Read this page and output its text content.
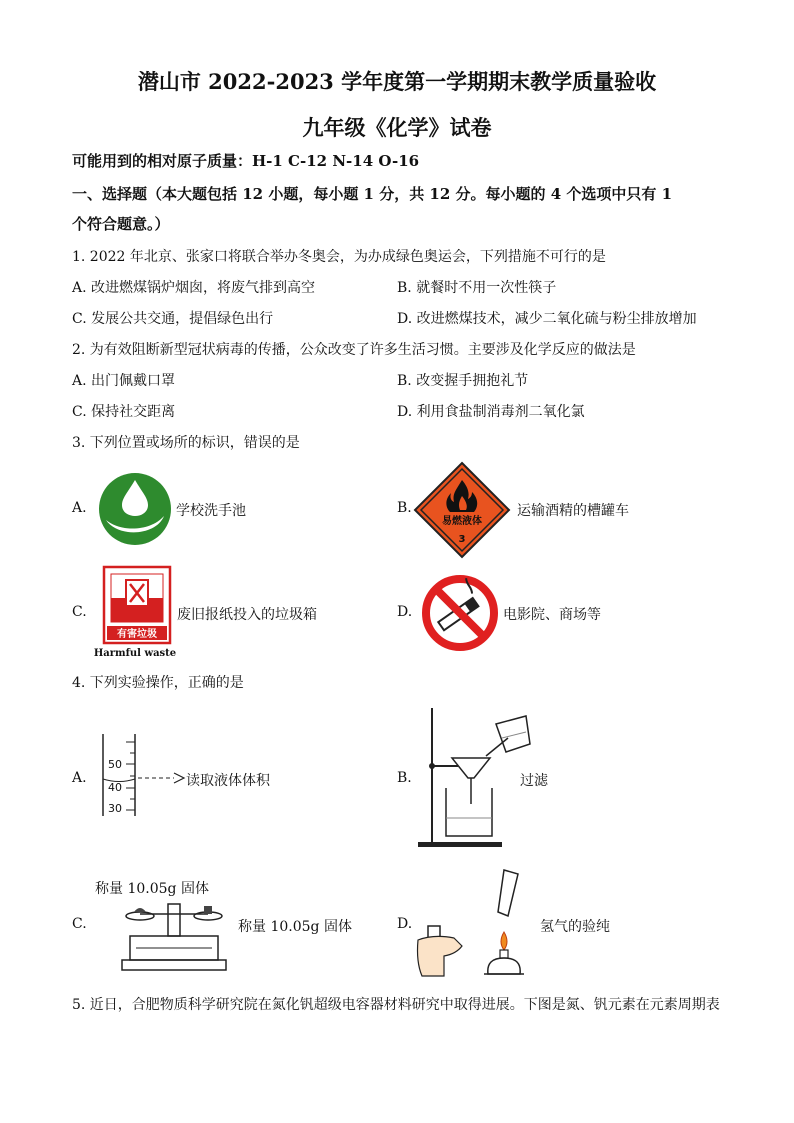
潜山市 2022-2023 学年度第一学期期末教学质量验收
九年级《化学》试卷
可能用到的相对原子质量：H-1 C-12 N-14 O-16
一、选择题（本大题包括 12 小题，每小题 1 分，共 12 分。每小题的 4 个选项中只有 1
个符合题意。）
1. 2022 年北京、张家口将联合举办冬奥会，为办成绿色奥运会，下列措施不可行的是
A. 改进燃煤锅炉烟囱，将废气排到高空	B. 就餐时不用一次性筷子
C. 发展公共交通，提倡绿色出行	D. 改进燃煤技术，减少二氧化硫与粉尘排放增加
2. 为有效阻断新型冠状病毒的传播，公众改变了许多生活习惯。主要涉及化学反应的做法是
A. 出门佩戴口罩	B. 改变握手拥抱礼节
C. 保持社交距离	D. 利用食盐制消毒剂二氧化氯
3. 下列位置或场所的标识，错误的是
A.	学校洗手池	B.
易燃液体
3
运输酒精的槽罐车
C.
有害垃圾
Harmful waste
废旧报纸投入的垃圾箱	D.	电影院、商场等
4. 下列实验操作，正确的是
A.
50
40
30
读取液体体积	B.	过滤
称量 10.05g 固体
C.	称量 10.05g 固体	D.	氢气的验纯
5. 近日，合肥物质科学研究院在氮化钒超级电容器材料研究中取得进展。下图是氮、钒元素在元素周期表
